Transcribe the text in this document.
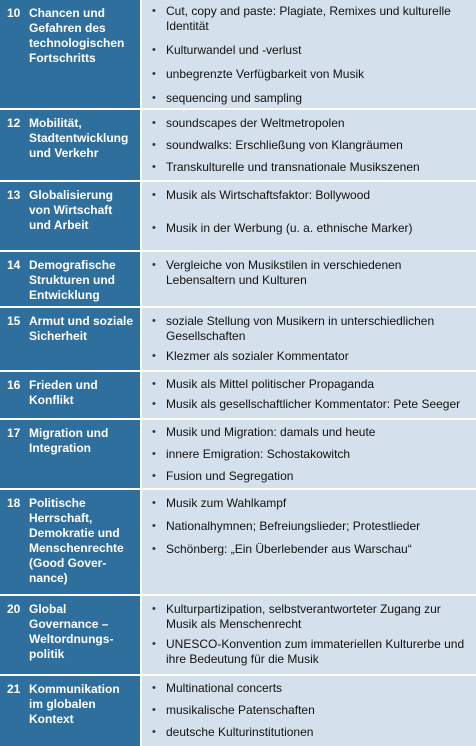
10 Chancen und Gefahren des technologischen Fortschritts
• Cut, copy and paste: Plagiate, Remixes und kulturelle Identität
• Kulturwandel und -verlust
• unbegrenzte Verfügbarkeit von Musik
• sequencing und sampling
12 Mobilität, Stadtentwicklung und Verkehr
• soundscapes der Weltmetropolen
• soundwalks: Erschließung von Klangräumen
• Transkulturelle und transnationale Musikszenen
13 Globalisierung von Wirtschaft und Arbeit
• Musik als Wirtschaftsfaktor: Bollywood
• Musik in der Werbung (u. a. ethnische Marker)
14 Demografische Strukturen und Entwicklung
• Vergleiche von Musikstilen in verschiedenen Lebensaltern und Kulturen
15 Armut und soziale Sicherheit
• soziale Stellung von Musikern in unterschiedlichen Gesellschaften
• Klezmer als sozialer Kommentator
16 Frieden und Konflikt
• Musik als Mittel politischer Propaganda
• Musik als gesellschaftlicher Kommentator: Pete Seeger
17 Migration und Integration
• Musik und Migration: damals und heute
• innere Emigration: Schostakowitch
• Fusion und Segregation
18 Politische Herrschaft, Demokratie und Menschenrechte (Good Gover-nance)
• Musik zum Wahlkampf
• Nationalhymnen; Befreiungslieder; Protestlieder
• Schönberg: „Ein Überlebender aus Warschau“
20 Global Governance – Weltordnungs-politik
• Kulturpartizipation, selbstverantworteter Zugang zur Musik als Menschenrecht
• UNESCO-Konvention zum immateriellen Kulturerbe und ihre Bedeutung für die Musik
21 Kommunikation im globalen Kontext
• Multinational concerts
• musikalische Patenschaften
• deutsche Kulturinstitutionen
